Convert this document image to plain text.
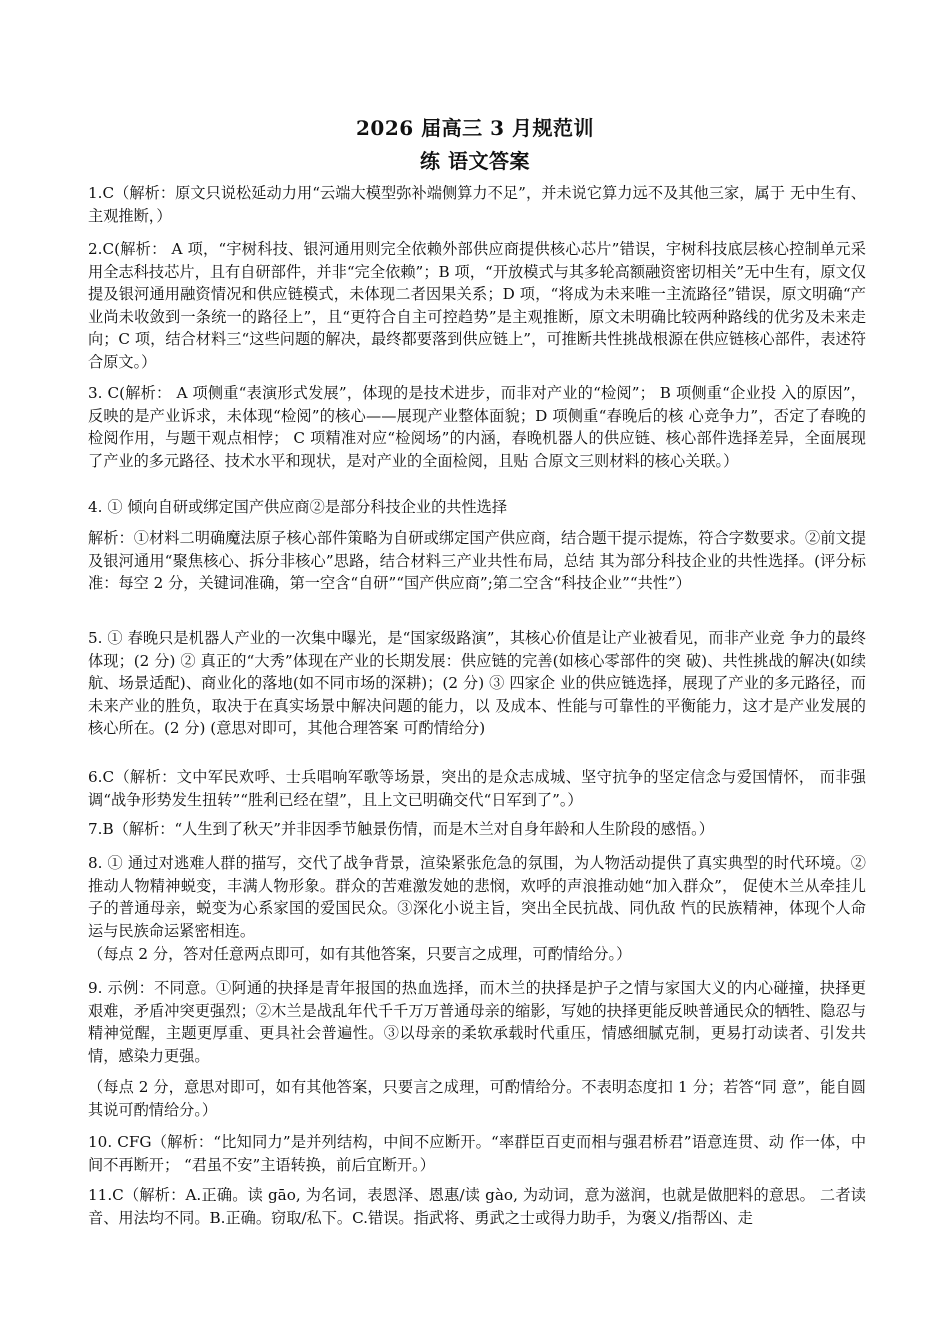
2026 届高三 3 月规范训
练 语文答案

1.C（解析：原文只说松延动力用“云端大模型弥补端侧算力不足”，并未说它算力远不及其他三家，属于 无中生有、主观推断，）

2.C(解析： A 项，“宇树科技、银河通用则完全依赖外部供应商提供核心芯片”错误，宇树科技底层核心控制单元采用全志科技芯片，且有自研部件，并非“完全依赖”；B 项，“开放模式与其多轮高额融资密切相关”无中生有，原文仅提及银河通用融资情况和供应链模式，未体现二者因果关系；D 项，“将成为未来唯一主流路径”错误，原文明确“产业尚未收敛到一条统一的路径上”，且“更符合自主可控趋势”是主观推断，原文未明确比较两种路线的优劣及未来走向；C 项，结合材料三“这些问题的解决，最终都要落到供应链上”，可推断共性挑战根源在供应链核心部件，表述符合原文。）

3. C(解析： A 项侧重“表演形式发展”，体现的是技术进步，而非对产业的“检阅”； B 项侧重“企业投 入的原因”，反映的是产业诉求，未体现“检阅”的核心——展现产业整体面貌；D 项侧重“春晚后的核 心竞争力”，否定了春晚的检阅作用，与题干观点相悖； C 项精准对应“检阅场”的内涵，春晚机器人的供应链、核心部件选择差异，全面展现了产业的多元路径、技术水平和现状，是对产业的全面检阅，且贴 合原文三则材料的核心关联。）

4. ① 倾向自研或绑定国产供应商②是部分科技企业的共性选择

解析：①材料二明确魔法原子核心部件策略为自研或绑定国产供应商，结合题干提示提炼，符合字数要求。②前文提及银河通用“聚焦核心、拆分非核心”思路，结合材料三产业共性布局，总结 其为部分科技企业的共性选择。(评分标准：每空 2 分，关键词准确，第一空含“自研”“国产供应商”;第二空含“科技企业”“共性”）

5. ① 春晚只是机器人产业的一次集中曝光，是“国家级路演”，其核心价值是让产业被看见，而非产业竞 争力的最终体现；(2 分) ② 真正的“大秀”体现在产业的长期发展：供应链的完善(如核心零部件的突 破)、共性挑战的解决(如续航、场景适配)、商业化的落地(如不同市场的深耕)；(2 分) ③ 四家企 业的供应链选择，展现了产业的多元路径，而未来产业的胜负，取决于在真实场景中解决问题的能力，以 及成本、性能与可靠性的平衡能力，这才是产业发展的核心所在。(2 分) (意思对即可，其他合理答案 可酌情给分)

6.C（解析：文中军民欢呼、士兵唱响军歌等场景，突出的是众志成城、坚守抗争的坚定信念与爱国情怀， 而非强调“战争形势发生扭转”“胜利已经在望”，且上文已明确交代“日军到了”。）

7.B（解析：“人生到了秋天”并非因季节触景伤情，而是木兰对自身年龄和人生阶段的感悟。）

8. ① 通过对逃难人群的描写，交代了战争背景，渲染紧张危急的氛围，为人物活动提供了真实典型的时代环境。②推动人物精神蜕变，丰满人物形象。群众的苦难激发她的悲悯，欢呼的声浪推动她“加入群众”， 促使木兰从牵挂儿子的普通母亲，蜕变为心系家国的爱国民众。③深化小说主旨，突出全民抗战、同仇敌 忾的民族精神，体现个人命运与民族命运紧密相连。

（每点 2 分，答对任意两点即可，如有其他答案，只要言之成理，可酌情给分。）

9. 示例：不同意。①阿通的抉择是青年报国的热血选择，而木兰的抉择是护子之情与家国大义的内心碰撞，抉择更艰难，矛盾冲突更强烈；②木兰是战乱年代千千万万普通母亲的缩影，写她的抉择更能反映普通民众的牺牲、隐忍与精神觉醒，主题更厚重、更具社会普遍性。③以母亲的柔软承载时代重压，情感细腻克制，更易打动读者、引发共情，感染力更强。

（每点 2 分，意思对即可，如有其他答案，只要言之成理，可酌情给分。不表明态度扣 1 分；若答“同 意”，能自圆其说可酌情给分。）

10. CFG（解析：“比知同力”是并列结构，中间不应断开。“率群臣百吏而相与强君桥君”语意连贯、动 作一体，中间不再断开； “君虽不安”主语转换，前后宜断开。）

11.C（解析：A.正确。读 gāo, 为名词，表恩泽、恩惠/读 gào, 为动词，意为滋润，也就是做肥料的意思。 二者读音、用法均不同。B.正确。窃取/私下。C.错误。指武将、勇武之士或得力助手，为褒义/指帮凶、走
